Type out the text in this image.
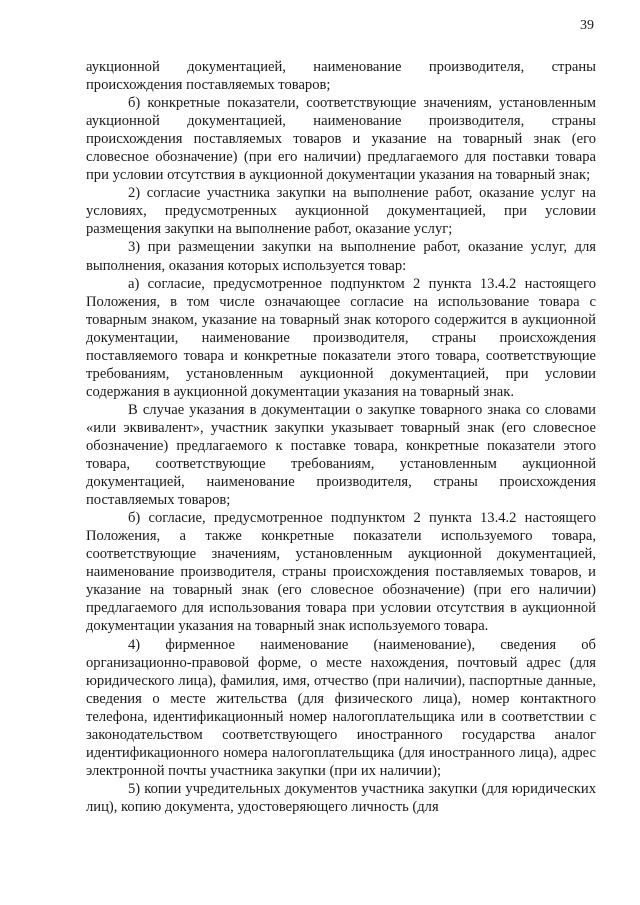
39

аукционной документацией, наименование производителя, страны происхождения поставляемых товаров;

б) конкретные показатели, соответствующие значениям, установленным аукционной документацией, наименование производителя, страны происхождения поставляемых товаров и указание на товарный знак (его словесное обозначение) (при его наличии) предлагаемого для поставки товара при условии отсутствия в аукционной документации указания на товарный знак;

2) согласие участника закупки на выполнение работ, оказание услуг на условиях, предусмотренных аукционной документацией, при условии размещения закупки на выполнение работ, оказание услуг;

3) при размещении закупки на выполнение работ, оказание услуг, для выполнения, оказания которых используется товар:

а) согласие, предусмотренное подпунктом 2 пункта 13.4.2 настоящего Положения, в том числе означающее согласие на использование товара с товарным знаком, указание на товарный знак которого содержится в аукционной документации, наименование производителя, страны происхождения поставляемого товара и конкретные показатели этого товара, соответствующие требованиям, установленным аукционной документацией, при условии содержания в аукционной документации указания на товарный знак.

В случае указания в документации о закупке товарного знака со словами «или эквивалент», участник закупки указывает товарный знак (его словесное обозначение) предлагаемого к поставке товара, конкретные показатели этого товара, соответствующие требованиям, установленным аукционной документацией, наименование производителя, страны происхождения поставляемых товаров;

б) согласие, предусмотренное подпунктом 2 пункта 13.4.2 настоящего Положения, а также конкретные показатели используемого товара, соответствующие значениям, установленным аукционной документацией, наименование производителя, страны происхождения поставляемых товаров, и указание на товарный знак (его словесное обозначение) (при его наличии) предлагаемого для использования товара при условии отсутствия в аукционной документации указания на товарный знак используемого товара.

4) фирменное наименование (наименование), сведения об организационно-правовой форме, о месте нахождения, почтовый адрес (для юридического лица), фамилия, имя, отчество (при наличии), паспортные данные, сведения о месте жительства (для физического лица), номер контактного телефона, идентификационный номер налогоплательщика или в соответствии с законодательством соответствующего иностранного государства аналог идентификационного номера налогоплательщика (для иностранного лица), адрес электронной почты участника закупки (при их наличии);

5) копии учредительных документов участника закупки (для юридических лиц), копию документа, удостоверяющего личность (для
